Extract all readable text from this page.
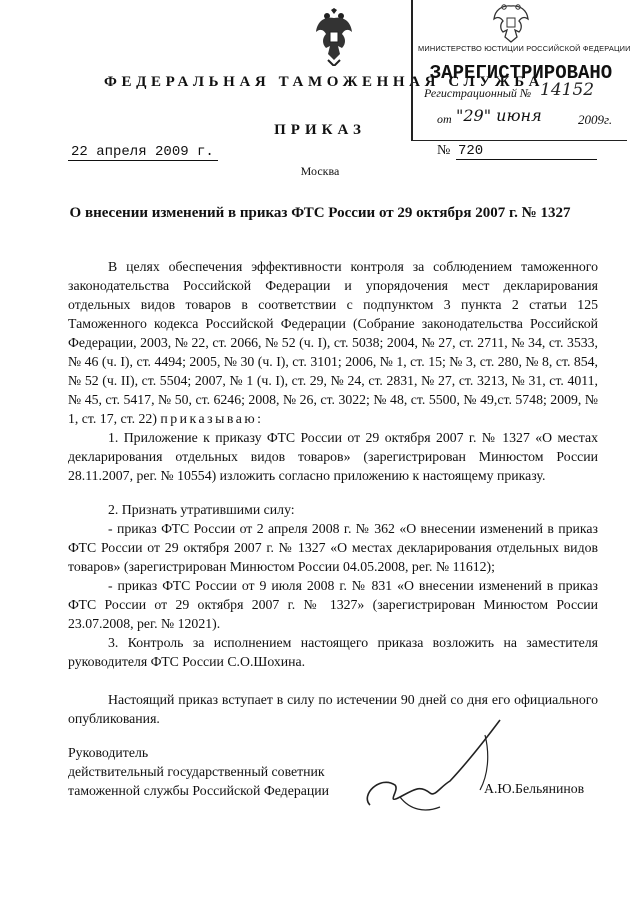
ФЕДЕРАЛЬНАЯ ТАМОЖЕННАЯ СЛУЖБА
МИНИСТЕРСТВО ЮСТИЦИИ РОССИЙСКОЙ ФЕДЕРАЦИИ
ЗАРЕГИСТРИРОВАНО
Регистрационный № 14152
от "29" июня	2009г.
ПРИКАЗ
22 апреля 2009 г.	№ 720
Москва
О внесении изменений в приказ ФТС России от 29 октября 2007 г. № 1327

В целях обеспечения эффективности контроля за соблюдением таможенного законодательства Российской Федерации и упорядочения мест декларирования отдельных видов товаров в соответствии с подпунктом 3 пункта 2 статьи 125 Таможенного кодекса Российской Федерации (Собрание законодательства Российской Федерации, 2003, № 22, ст. 2066, № 52 (ч. I), ст. 5038; 2004, № 27, ст. 2711, № 34, ст. 3533, № 46 (ч. I), ст. 4494; 2005, № 30 (ч. I), ст. 3101; 2006, № 1, ст. 15; № 3, ст. 280, № 8, ст. 854, № 52 (ч. II), ст. 5504; 2007, № 1 (ч. I), ст. 29, № 24, ст. 2831, № 27, ст. 3213, № 31, ст. 4011, № 45, ст. 5417, № 50, ст. 6246; 2008, № 26, ст. 3022; № 48, ст. 5500, № 49,ст. 5748; 2009, № 1, ст. 17, ст. 22) приказываю:

1. Приложение к приказу ФТС России от 29 октября 2007 г. № 1327 «О местах декларирования отдельных видов товаров» (зарегистрирован Минюстом России 28.11.2007, рег. № 10554) изложить согласно приложению к настоящему приказу.

2. Признать утратившими силу:

- приказ ФТС России от 2 апреля 2008 г. № 362 «О внесении изменений в приказ ФТС России от 29 октября 2007 г. № 1327 «О местах декларирования отдельных видов товаров» (зарегистрирован Минюстом России 04.05.2008, рег. № 11612);

- приказ ФТС России от 9 июля 2008 г. № 831 «О внесении изменений в приказ ФТС России от 29 октября 2007 г. № 1327» (зарегистрирован Минюстом России 23.07.2008, рег. № 12021).

3. Контроль за исполнением настоящего приказа возложить на заместителя руководителя ФТС России С.О.Шохина.

Настоящий приказ вступает в силу по истечении 90 дней со дня его официального опубликования.

Руководитель
действительный государственный советник
таможенной службы Российской Федерации	А.Ю.Бельянинов
